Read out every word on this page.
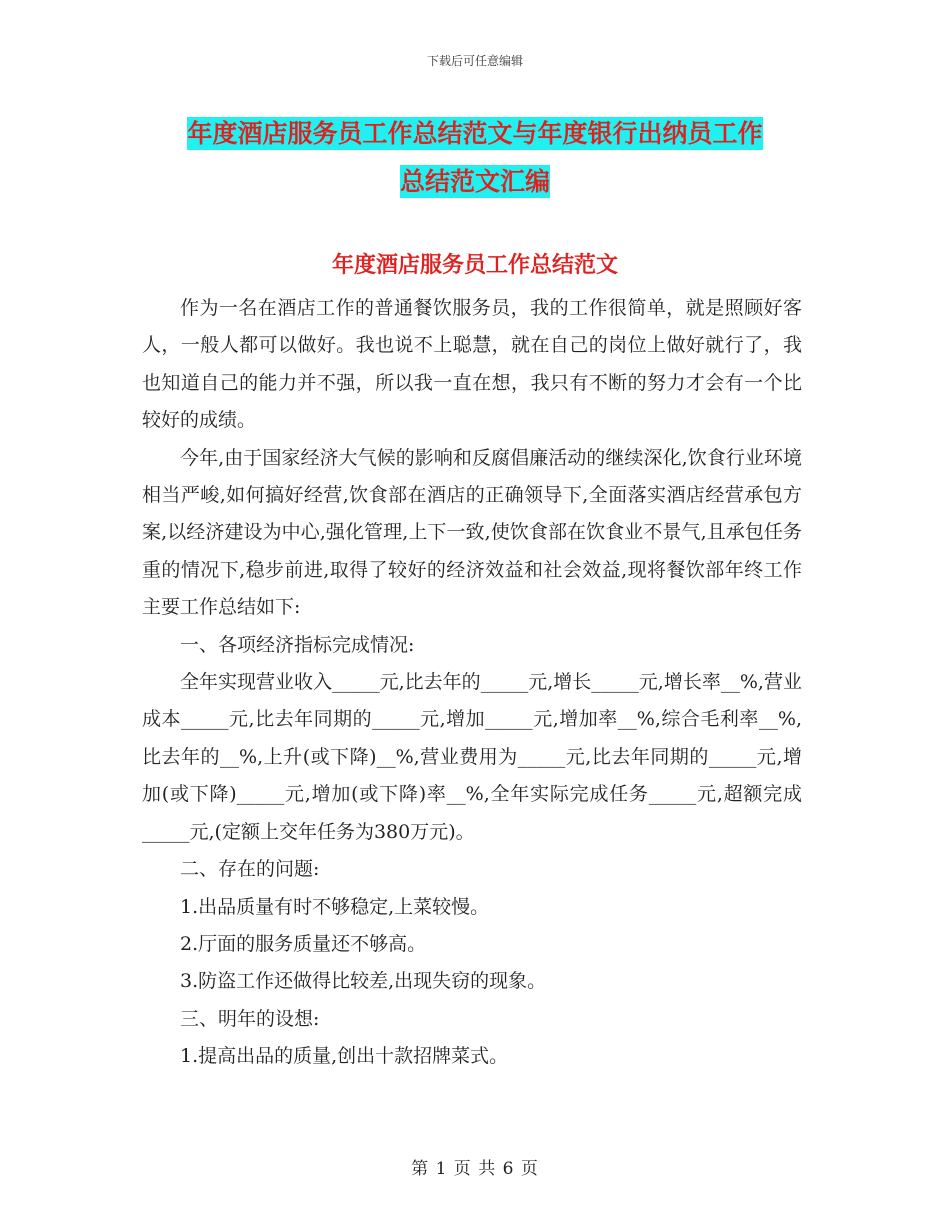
下载后可任意编辑
年度酒店服务员工作总结范文与年度银行出纳员工作
总结范文汇编
年度酒店服务员工作总结范文

作为一名在酒店工作的普通餐饮服务员，我的工作很简单，就是照顾好客人，一般人都可以做好。我也说不上聪慧，就在自己的岗位上做好就行了，我也知道自己的能力并不强，所以我一直在想，我只有不断的努力才会有一个比较好的成绩。

今年,由于国家经济大气候的影响和反腐倡廉活动的继续深化,饮食行业环境相当严峻,如何搞好经营,饮食部在酒店的正确领导下,全面落实酒店经营承包方案,以经济建设为中心,强化管理,上下一致,使饮食部在饮食业不景气,且承包任务重的情况下,稳步前进,取得了较好的经济效益和社会效益,现将餐饮部年终工作主要工作总结如下:

一、各项经济指标完成情况:

全年实现营业收入_____元,比去年的_____元,增长_____元,增长率__%,营业成本_____元,比去年同期的_____元,增加_____元,增加率__%,综合毛利率__%,比去年的__%,上升(或下降)__%,营业费用为_____元,比去年同期的_____元,增加(或下降)_____元,增加(或下降)率__%,全年实际完成任务_____元,超额完成_____元,(定额上交年任务为380万元)。

二、存在的问题:

1.出品质量有时不够稳定,上菜较慢。

2.厅面的服务质量还不够高。

3.防盗工作还做得比较差,出现失窃的现象。

三、明年的设想:

1.提高出品的质量,创出十款招牌菜式。

第 1 页 共 6 页
